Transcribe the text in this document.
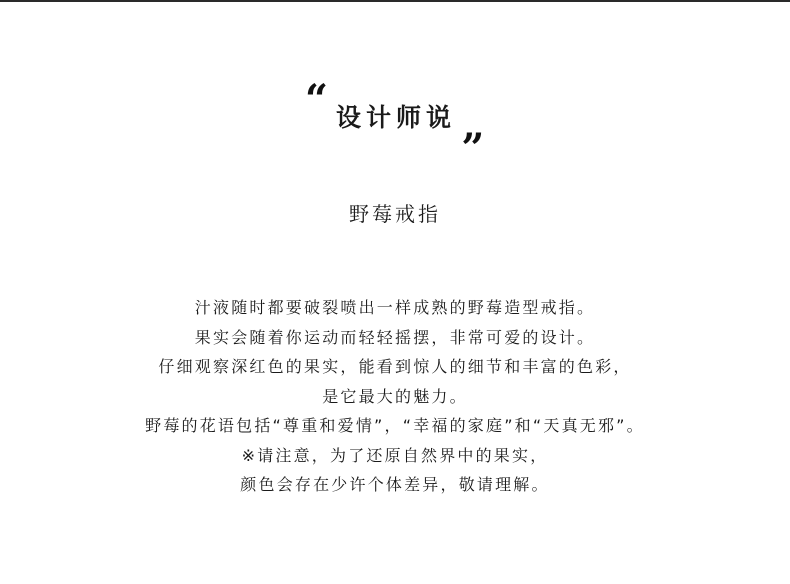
“ 设计师说 „
野莓戒指
汁液随时都要破裂喷出一样成熟的野莓造型戒指。
果实会随着你运动而轻轻摇摆，非常可爱的设计。
仔细观察深红色的果实，能看到惊人的细节和丰富的色彩，
是它最大的魅力。
野莓的花语包括“尊重和爱情”，“幸福的家庭”和“天真无邪”。
※请注意，为了还原自然界中的果实，
颜色会存在少许个体差异，敬请理解。
